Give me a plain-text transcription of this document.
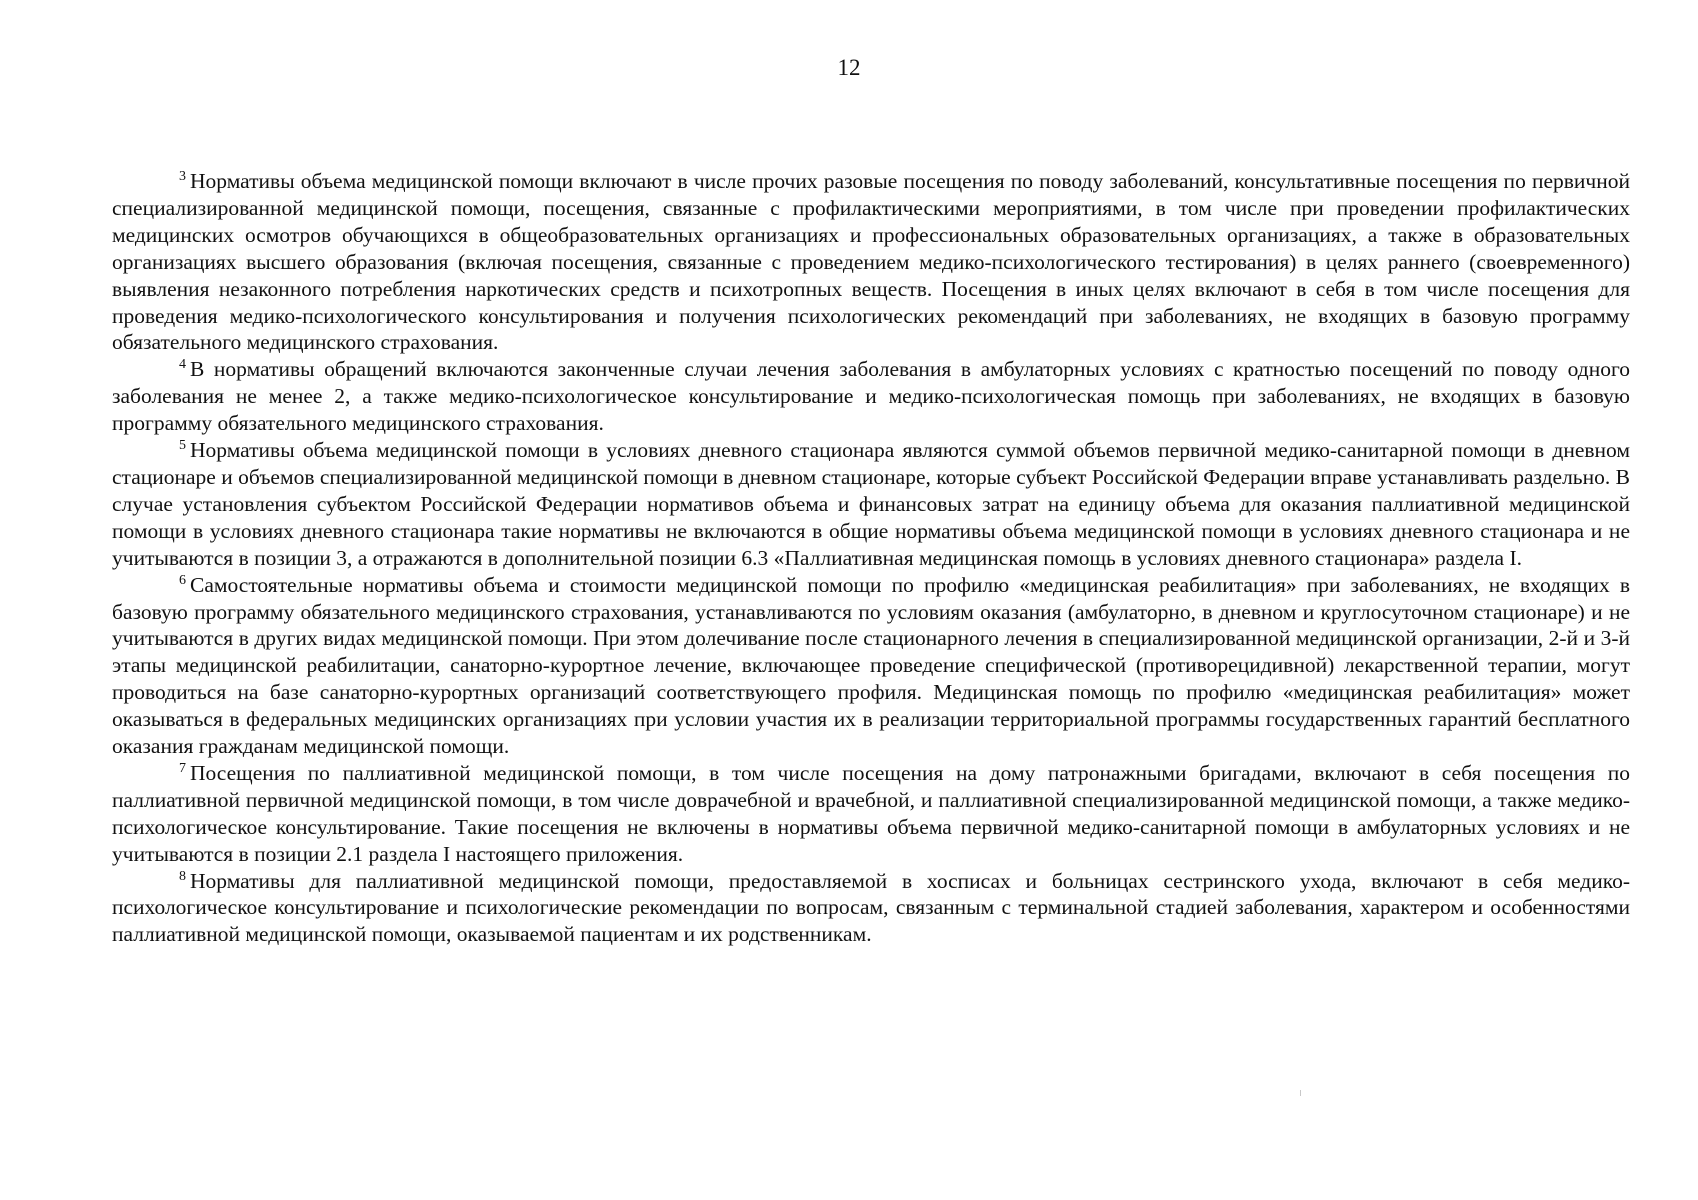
12

$^3$ Нормативы объема медицинской помощи включают в числе прочих разовые посещения по поводу заболеваний, консультативные посещения по первичной специализированной медицинской помощи, посещения, связанные с профилактическими мероприятиями, в том числе при проведении профилактических медицинских осмотров обучающихся в общеобразовательных организациях и профессиональных образовательных организациях, а также в образовательных организациях высшего образования (включая посещения, связанные с проведением медико-психологического тестирования) в целях раннего (своевременного) выявления незаконного потребления наркотических средств и психотропных веществ. Посещения в иных целях включают в себя в том числе посещения для проведения медико-психологического консультирования и получения психологических рекомендаций при заболеваниях, не входящих в базовую программу обязательного медицинского страхования.

$^4$ В нормативы обращений включаются законченные случаи лечения заболевания в амбулаторных условиях с кратностью посещений по поводу одного заболевания не менее 2, а также медико-психологическое консультирование и медико-психологическая помощь при заболеваниях, не входящих в базовую программу обязательного медицинского страхования.

$^5$ Нормативы объема медицинской помощи в условиях дневного стационара являются суммой объемов первичной медико-санитарной помощи в дневном стационаре и объемов специализированной медицинской помощи в дневном стационаре, которые субъект Российской Федерации вправе устанавливать раздельно. В случае установления субъектом Российской Федерации нормативов объема и финансовых затрат на единицу объема для оказания паллиативной медицинской помощи в условиях дневного стационара такие нормативы не включаются в общие нормативы объема медицинской помощи в условиях дневного стационара и не учитываются в позиции 3, а отражаются в дополнительной позиции 6.3 «Паллиативная медицинская помощь в условиях дневного стационара» раздела I.

$^6$ Самостоятельные нормативы объема и стоимости медицинской помощи по профилю «медицинская реабилитация» при заболеваниях, не входящих в базовую программу обязательного медицинского страхования, устанавливаются по условиям оказания (амбулаторно, в дневном и круглосуточном стационаре) и не учитываются в других видах медицинской помощи. При этом долечивание после стационарного лечения в специализированной медицинской организации, 2-й и 3-й этапы медицинской реабилитации, санаторно-курортное лечение, включающее проведение специфической (противорецидивной) лекарственной терапии, могут проводиться на базе санаторно-курортных организаций соответствующего профиля. Медицинская помощь по профилю «медицинская реабилитация» может оказываться в федеральных медицинских организациях при условии участия их в реализации территориальной программы государственных гарантий бесплатного оказания гражданам медицинской помощи.

$^7$ Посещения по паллиативной медицинской помощи, в том числе посещения на дому патронажными бригадами, включают в себя посещения по паллиативной первичной медицинской помощи, в том числе доврачебной и врачебной, и паллиативной специализированной медицинской помощи, а также медико-психологическое консультирование. Такие посещения не включены в нормативы объема первичной медико-санитарной помощи в амбулаторных условиях и не учитываются в позиции 2.1 раздела I настоящего приложения.

$^8$ Нормативы для паллиативной медицинской помощи, предоставляемой в хосписах и больницах сестринского ухода, включают в себя медико-психологическое консультирование и психологические рекомендации по вопросам, связанным с терминальной стадией заболевания, характером и особенностями паллиативной медицинской помощи, оказываемой пациентам и их родственникам.
